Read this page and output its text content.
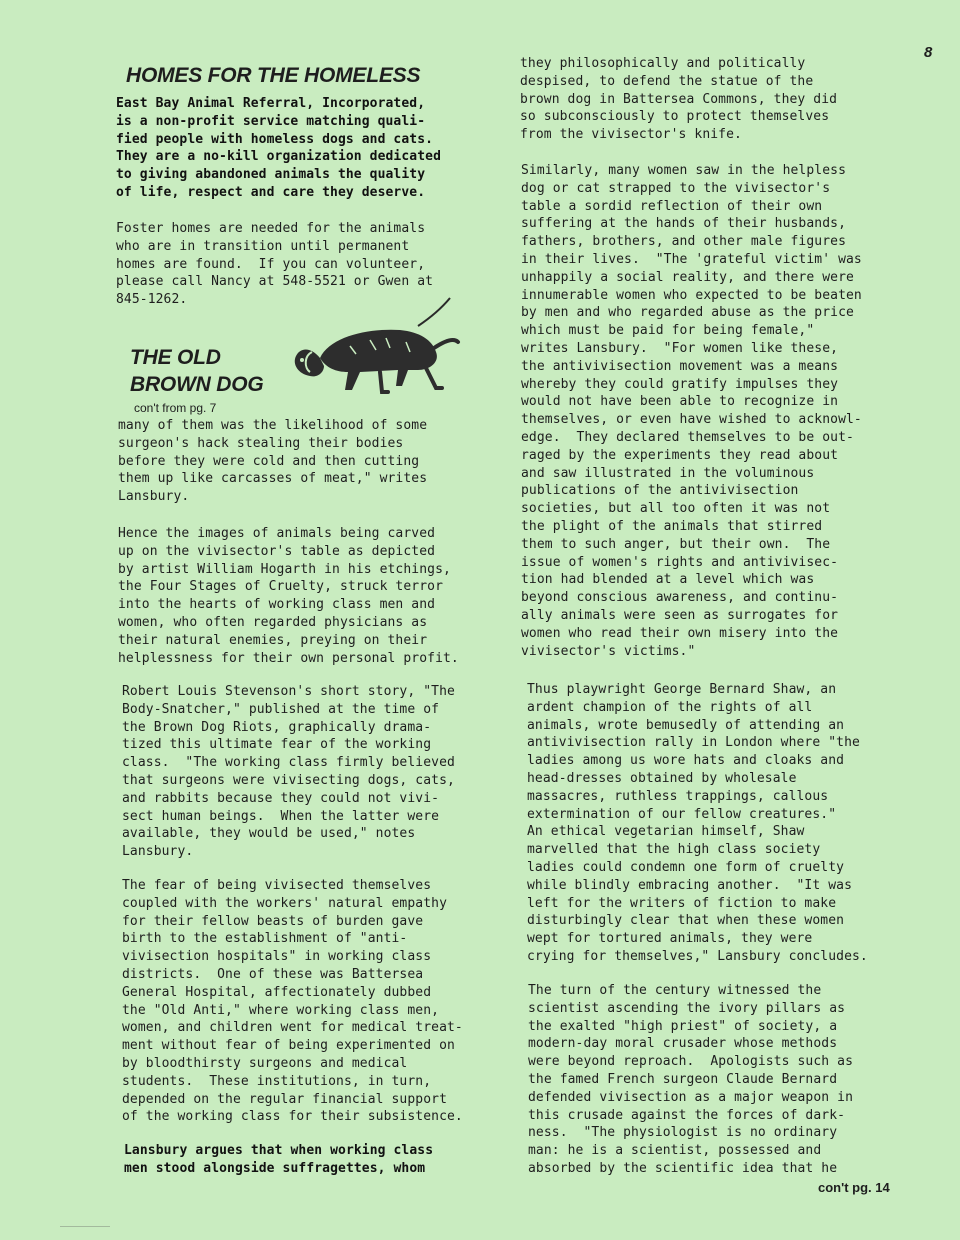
8
HOMES FOR THE HOMELESS

East Bay Animal Referral, Incorporated,
is a non-profit service matching quali-
fied people with homeless dogs and cats.
They are a no-kill organization dedicated
to giving abandoned animals the quality
of life, respect and care they deserve.

Foster homes are needed for the animals
who are in transition until permanent
homes are found.  If you can volunteer,
please call Nancy at 548-5521 or Gwen at
845-1262.

THE OLD
BROWN DOG
con't from pg. 7

many of them was the likelihood of some
surgeon's hack stealing their bodies
before they were cold and then cutting
them up like carcasses of meat," writes
Lansbury.

Hence the images of animals being carved
up on the vivisector's table as depicted
by artist William Hogarth in his etchings,
the Four Stages of Cruelty, struck terror
into the hearts of working class men and
women, who often regarded physicians as
their natural enemies, preying on their
helplessness for their own personal profit.

Robert Louis Stevenson's short story, "The
Body-Snatcher," published at the time of
the Brown Dog Riots, graphically drama-
tized this ultimate fear of the working
class.  "The working class firmly believed
that surgeons were vivisecting dogs, cats,
and rabbits because they could not vivi-
sect human beings.  When the latter were
available, they would be used," notes
Lansbury.

The fear of being vivisected themselves
coupled with the workers' natural empathy
for their fellow beasts of burden gave
birth to the establishment of "anti-
vivisection hospitals" in working class
districts.  One of these was Battersea
General Hospital, affectionately dubbed
the "Old Anti," where working class men,
women, and children went for medical treat-
ment without fear of being experimented on
by bloodthirsty surgeons and medical
students.  These institutions, in turn,
depended on the regular financial support
of the working class for their subsistence.

Lansbury argues that when working class
men stood alongside suffragettes, whom

they philosophically and politically
despised, to defend the statue of the
brown dog in Battersea Commons, they did
so subconsciously to protect themselves
from the vivisector's knife.

Similarly, many women saw in the helpless
dog or cat strapped to the vivisector's
table a sordid reflection of their own
suffering at the hands of their husbands,
fathers, brothers, and other male figures
in their lives.  "The 'grateful victim' was
unhappily a social reality, and there were
innumerable women who expected to be beaten
by men and who regarded abuse as the price
which must be paid for being female,"
writes Lansbury.  "For women like these,
the antivivisection movement was a means
whereby they could gratify impulses they
would not have been able to recognize in
themselves, or even have wished to acknowl-
edge.  They declared themselves to be out-
raged by the experiments they read about
and saw illustrated in the voluminous
publications of the antivivisection
societies, but all too often it was not
the plight of the animals that stirred
them to such anger, but their own.  The
issue of women's rights and antivivisec-
tion had blended at a level which was
beyond conscious awareness, and continu-
ally animals were seen as surrogates for
women who read their own misery into the
vivisector's victims."

Thus playwright George Bernard Shaw, an
ardent champion of the rights of all
animals, wrote bemusedly of attending an
antivivisection rally in London where "the
ladies among us wore hats and cloaks and
head-dresses obtained by wholesale
massacres, ruthless trappings, callous
extermination of our fellow creatures."
An ethical vegetarian himself, Shaw
marvelled that the high class society
ladies could condemn one form of cruelty
while blindly embracing another.  "It was
left for the writers of fiction to make
disturbingly clear that when these women
wept for tortured animals, they were
crying for themselves," Lansbury concludes.

The turn of the century witnessed the
scientist ascending the ivory pillars as
the exalted "high priest" of society, a
modern-day moral crusader whose methods
were beyond reproach.  Apologists such as
the famed French surgeon Claude Bernard
defended vivisection as a major weapon in
this crusade against the forces of dark-
ness.  "The physiologist is no ordinary
man: he is a scientist, possessed and
absorbed by the scientific idea that he

con't pg. 14
